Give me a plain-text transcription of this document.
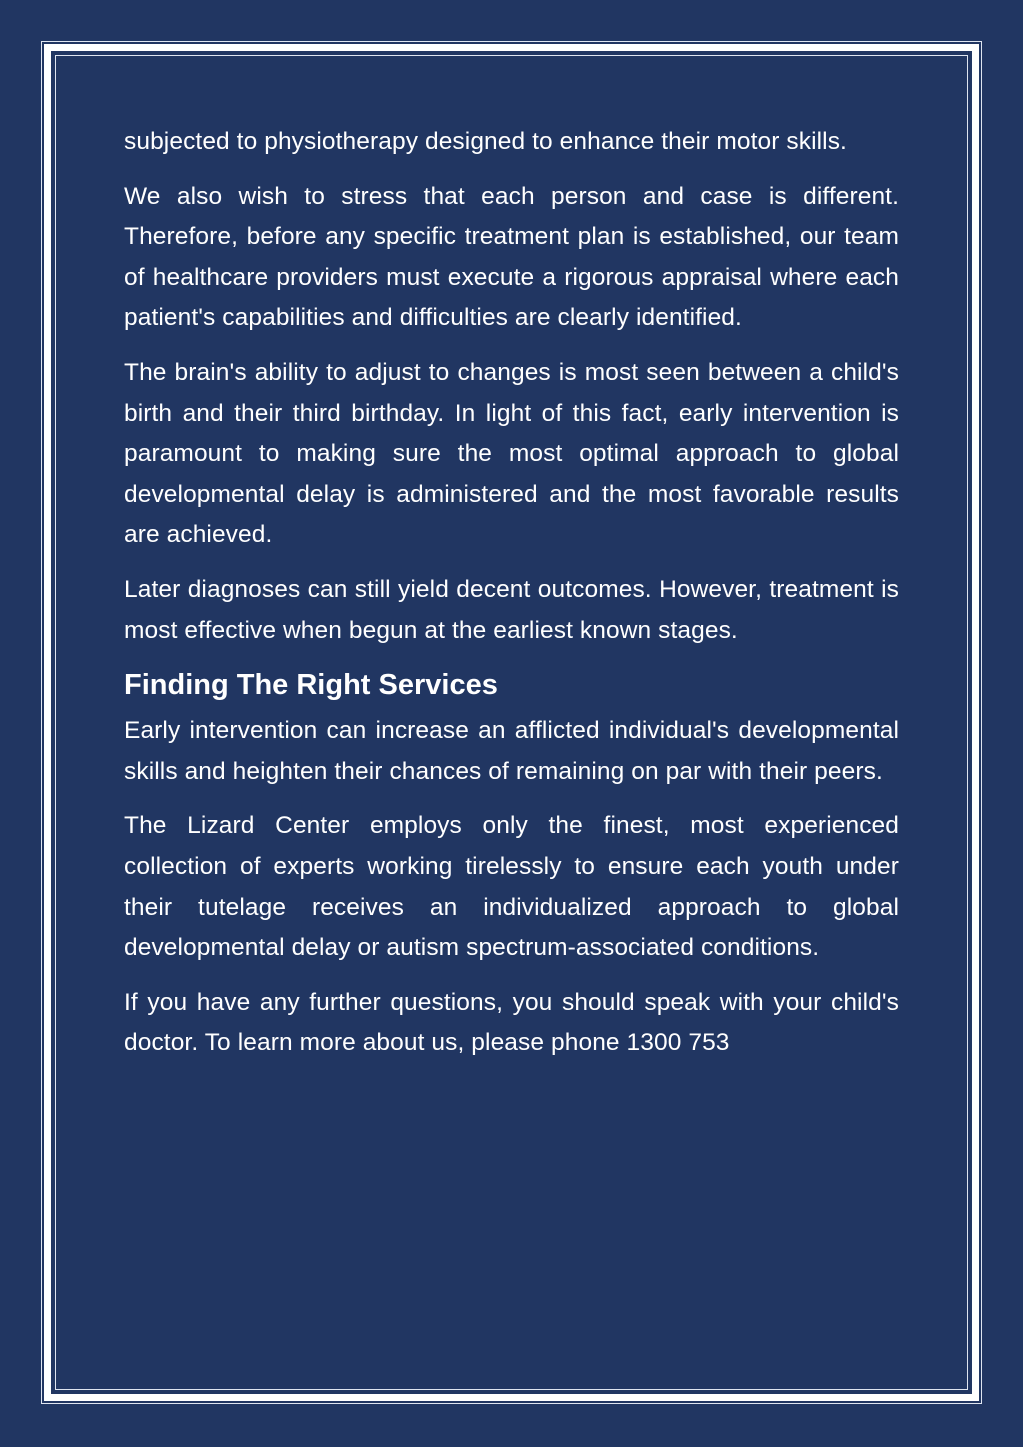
subjected to physiotherapy designed to enhance their motor skills.

We also wish to stress that each person and case is different. Therefore, before any specific treatment plan is established, our team of healthcare providers must execute a rigorous appraisal where each patient's capabilities and difficulties are clearly identified.

The brain's ability to adjust to changes is most seen between a child's birth and their third birthday. In light of this fact, early intervention is paramount to making sure the most optimal approach to global developmental delay is administered and the most favorable results are achieved.

Later diagnoses can still yield decent outcomes. However, treatment is most effective when begun at the earliest known stages.

Finding The Right Services

Early intervention can increase an afflicted individual's developmental skills and heighten their chances of remaining on par with their peers.

The Lizard Center employs only the finest, most experienced collection of experts working tirelessly to ensure each youth under their tutelage receives an individualized approach to global developmental delay or autism spectrum-associated conditions.

If you have any further questions, you should speak with your child's doctor. To learn more about us, please phone 1300 753
